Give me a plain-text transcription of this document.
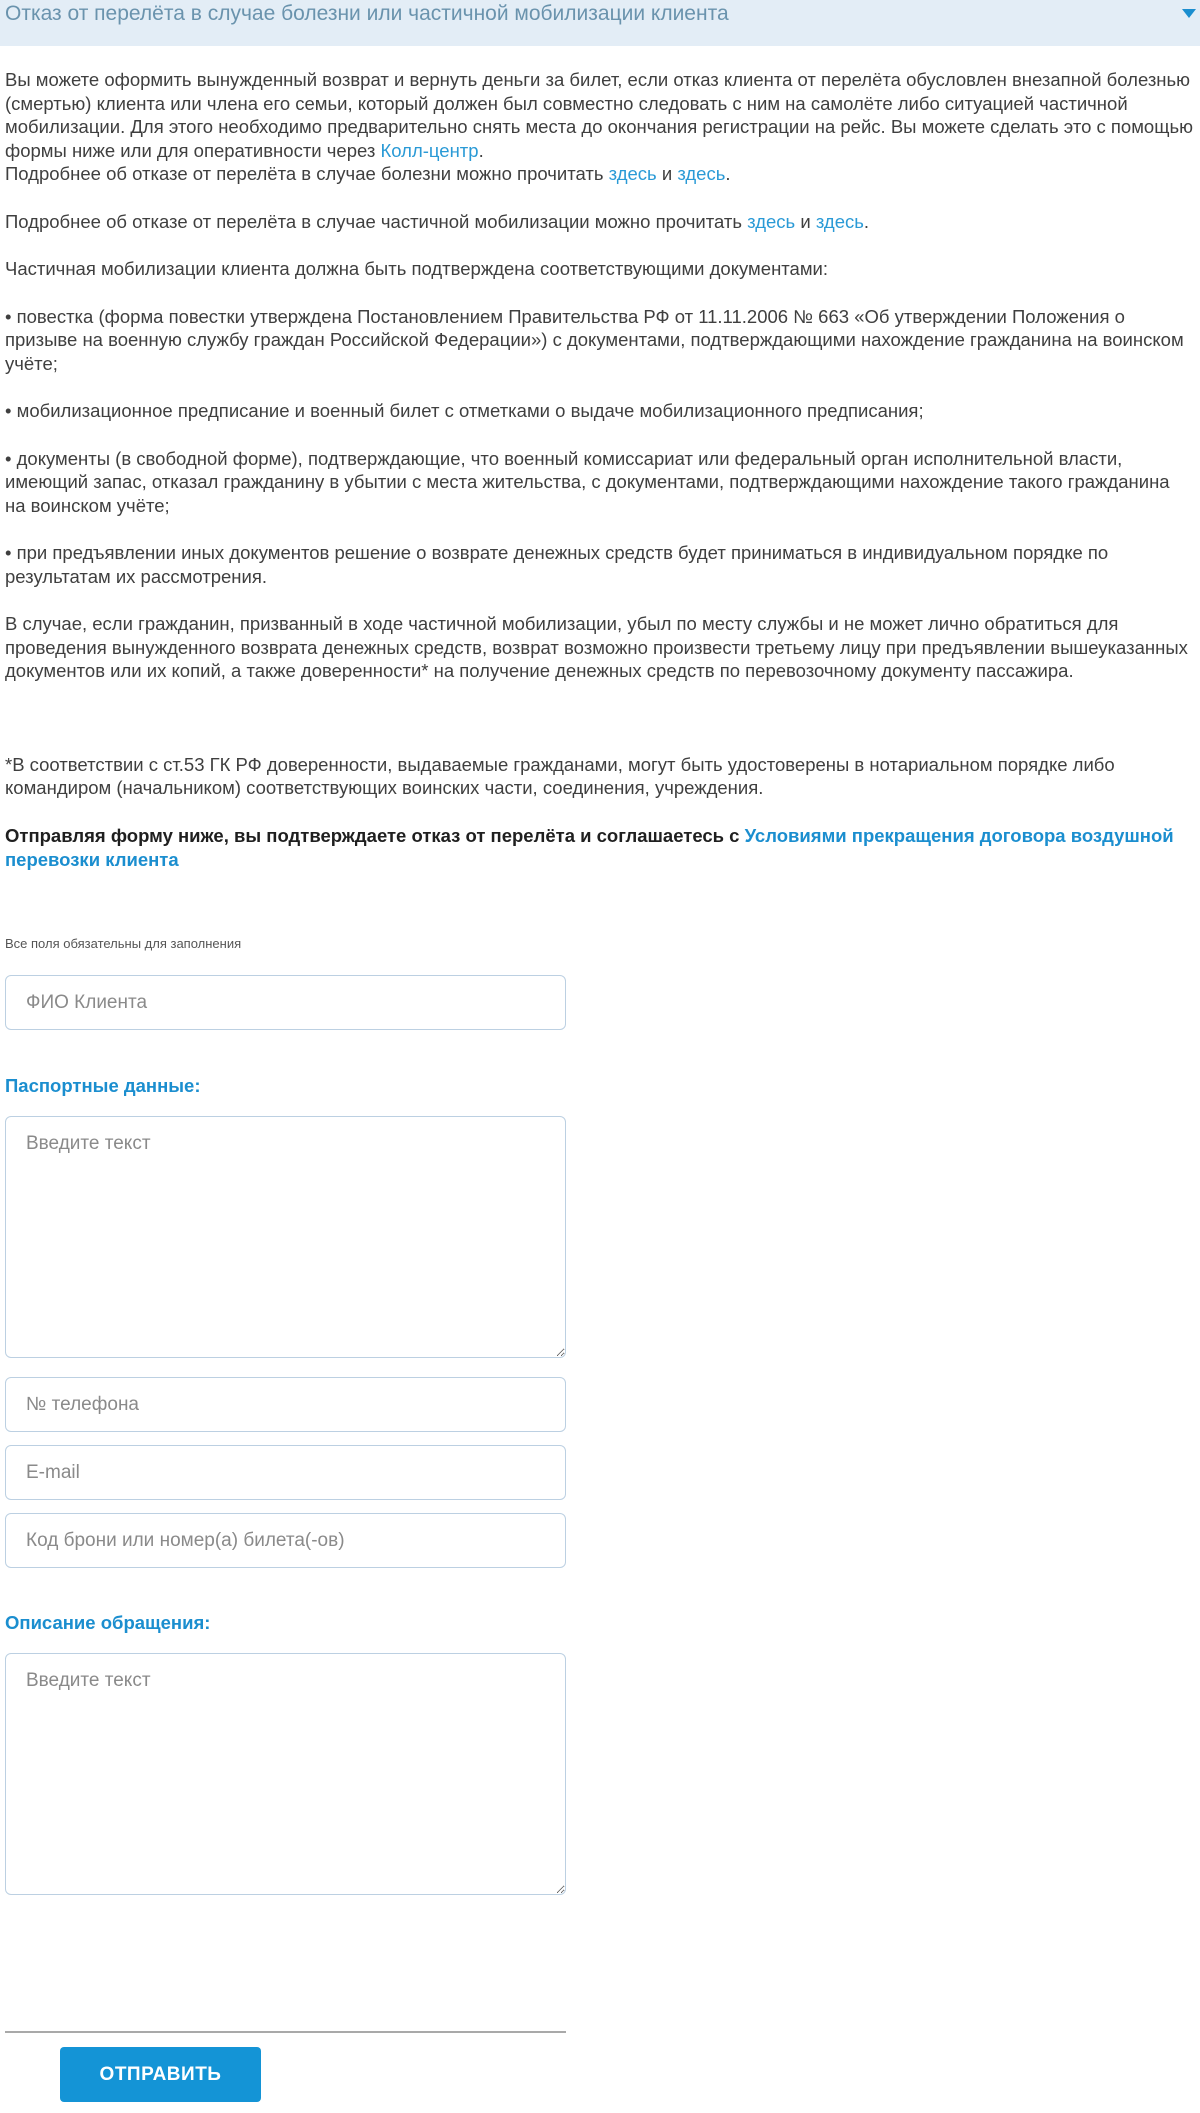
Отказ от перелёта в случае болезни или частичной мобилизации клиента

Вы можете оформить вынужденный возврат и вернуть деньги за билет, если отказ клиента от перелёта обусловлен внезапной болезнью (смертью) клиента или члена его семьи, который должен был совместно следовать с ним на самолёте либо ситуацией частичной мобилизации. Для этого необходимо предварительно снять места до окончания регистрации на рейс. Вы можете сделать это с помощью формы ниже или для оперативности через Колл-центр.
Подробнее об отказе от перелёта в случае болезни можно прочитать здесь и здесь.

Подробнее об отказе от перелёта в случае частичной мобилизации можно прочитать здесь и здесь.

Частичная мобилизации клиента должна быть подтверждена соответствующими документами:

• повестка (форма повестки утверждена Постановлением Правительства РФ от 11.11.2006 № 663 «Об утверждении Положения о призыве на военную службу граждан Российской Федерации») с документами, подтверждающими нахождение гражданина на воинском учёте;

• мобилизационное предписание и военный билет с отметками о выдаче мобилизационного предписания;

• документы (в свободной форме), подтверждающие, что военный комиссариат или федеральный орган исполнительной власти, имеющий запас, отказал гражданину в убытии с места жительства, с документами, подтверждающими нахождение такого гражданина на воинском учёте;

• при предъявлении иных документов решение о возврате денежных средств будет приниматься в индивидуальном порядке по результатам их рассмотрения.

В случае, если гражданин, призванный в ходе частичной мобилизации, убыл по месту службы и не может лично обратиться для проведения вынужденного возврата денежных средств, возврат возможно произвести третьему лицу при предъявлении вышеуказанных документов или их копий, а также доверенности* на получение денежных средств по перевозочному документу пассажира.

*В соответствии с ст.53 ГК РФ доверенности, выдаваемые гражданами, могут быть удостоверены в нотариальном порядке либо командиром (начальником) соответствующих воинских части, соединения, учреждения.

Отправляя форму ниже, вы подтверждаете отказ от перелёта и соглашаетесь с Условиями прекращения договора воздушной перевозки клиента

Все поля обязательны для заполнения
ФИО Клиента
Паспортные данные:
Введите текст
№ телефона
E-mail
Код брони или номер(а) билета(-ов)
Описание обращения:
Введите текст
ОТПРАВИТЬ
